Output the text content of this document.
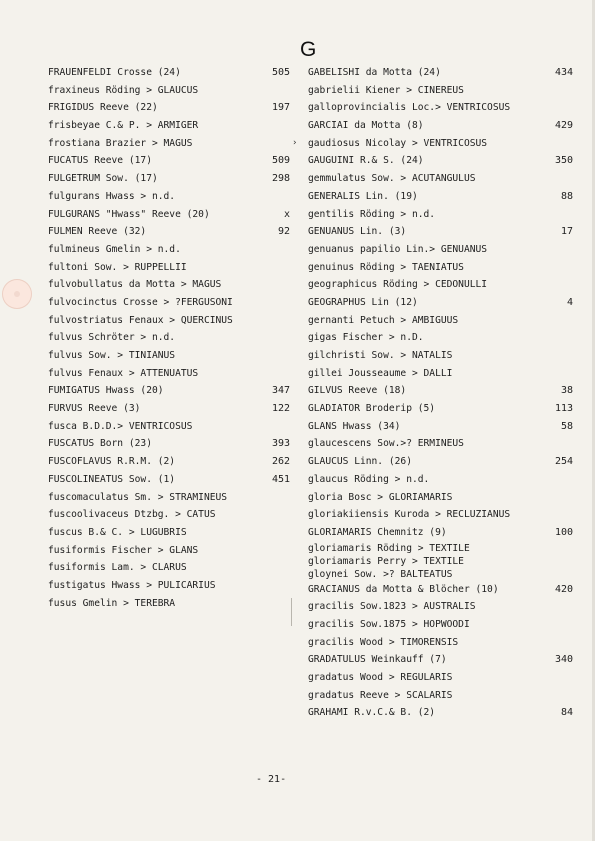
G
FRAUENFELDI Crosse (24)	505
fraxineus Röding > GLAUCUS
FRIGIDUS Reeve (22)	197
frisbeyae C.& P. > ARMIGER
frostiana Brazier > MAGUS
FUCATUS Reeve (17)	509
FULGETRUM Sow. (17)	298
fulgurans Hwass > n.d.
FULGURANS "Hwass" Reeve (20)	x
FULMEN Reeve (32)	92
fulmineus Gmelin > n.d.
fultoni Sow. > RUPPELLII
fulvobullatus da Motta > MAGUS
fulvocinctus Crosse > ?FERGUSONI
fulvostriatus Fenaux > QUERCINUS
fulvus Schröter > n.d.
fulvus Sow. > TINIANUS
fulvus Fenaux > ATTENUATUS
FUMIGATUS Hwass (20)	347
FURVUS Reeve (3)	122
fusca B.D.D.> VENTRICOSUS
FUSCATUS Born (23)	393
FUSCOFLAVUS R.R.M. (2)	262
FUSCOLINEATUS Sow. (1)	451
fuscomaculatus Sm. > STRAMINEUS
fuscoolivaceus Dtzbg. > CATUS
fuscus B.& C. > LUGUBRIS
fusiformis Fischer > GLANS
fusiformis Lam. > CLARUS
fustigatus Hwass > PULICARIUS
fusus Gmelin > TEREBRA
GABELISHI da Motta (24)	434
gabrielii Kiener > CINEREUS
galloprovincialis Loc.> VENTRICOSUS
GARCIAI da Motta (8)	429
› gaudiosus Nicolay > VENTRICOSUS
GAUGUINI R.& S. (24)	350
gemmulatus Sow. > ACUTANGULUS
GENERALIS Lin. (19)	88
gentilis Röding > n.d.
GENUANUS Lin. (3)	17
genuanus papilio Lin.> GENUANUS
genuinus Röding > TAENIATUS
geographicus Röding > CEDONULLI
GEOGRAPHUS Lin (12)	4
gernanti Petuch > AMBIGUUS
gigas Fischer > n.D.
gilchristi Sow. > NATALIS
gillei Jousseaume > DALLI
GILVUS Reeve (18)	38
GLADIATOR Broderip (5)	113
GLANS Hwass (34)	58
glaucescens Sow.>? ERMINEUS
GLAUCUS Linn. (26)	254
glaucus Röding > n.d.
gloria Bosc > GLORIAMARIS
gloriakiiensis Kuroda > RECLUZIANUS
GLORIAMARIS Chemnitz (9)	100
gloriamaris Röding > TEXTILE
gloriamaris Perry > TEXTILE
gloynei Sow. >? BALTEATUS
GRACIANUS da Motta & Blöcher (10)	420
gracilis Sow.1823 > AUSTRALIS
gracilis Sow.1875 > HOPWOODI
gracilis Wood > TIMORENSIS
GRADATULUS Weinkauff (7)	340
gradatus Wood > REGULARIS
gradatus Reeve > SCALARIS
GRAHAMI R.v.C.& B. (2)	84
- 21-
